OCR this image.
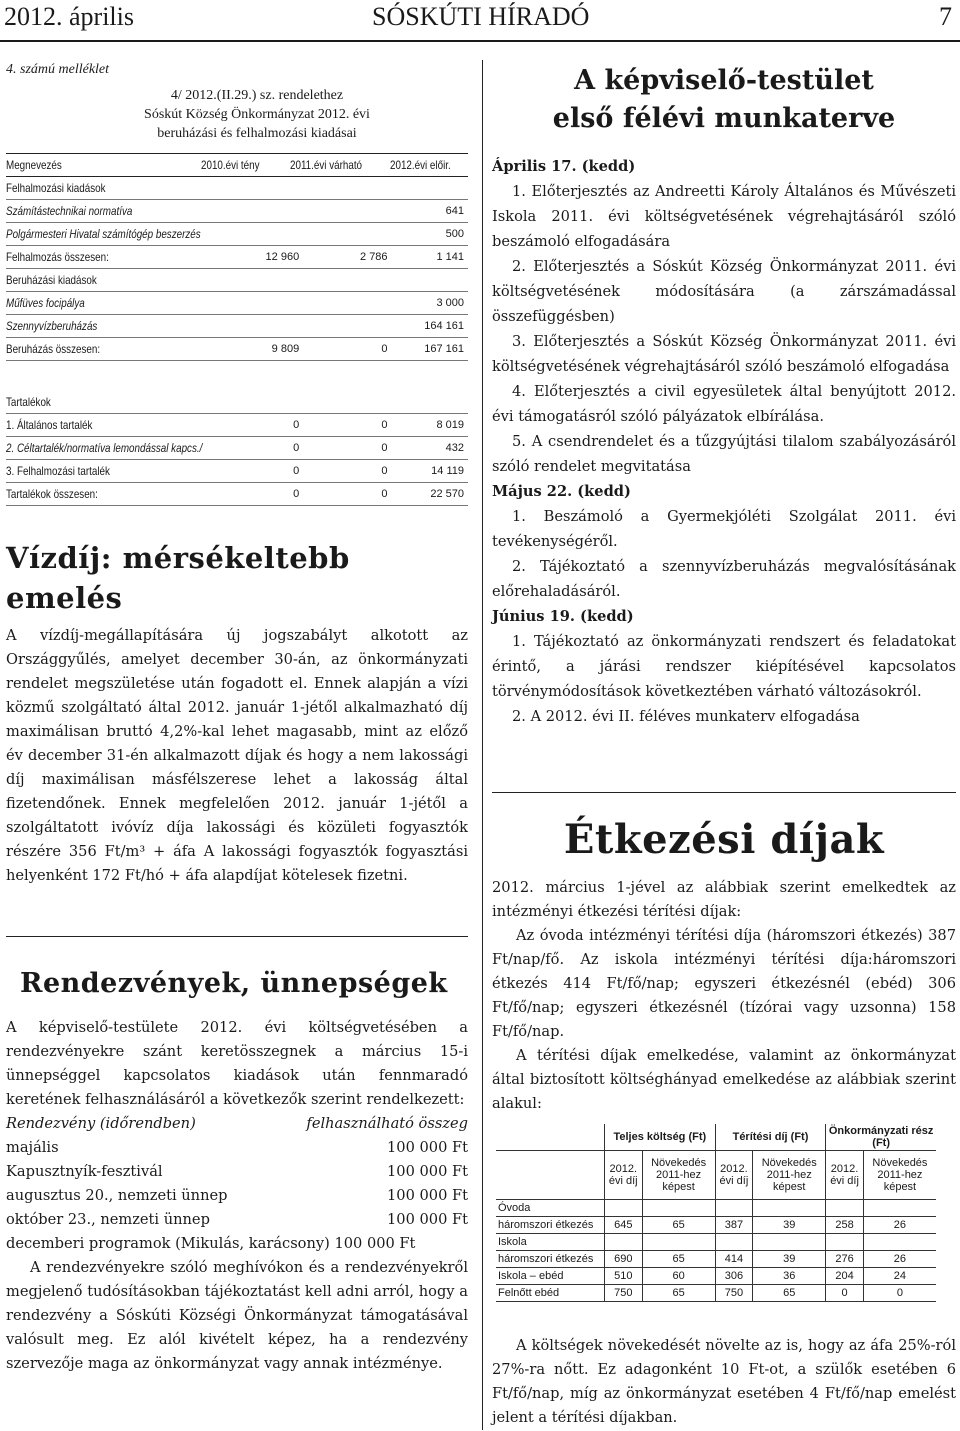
2012. április	SÓSKÚTI HÍRADÓ	7
4. számú melléklet
4/ 2012.(II.29.) sz. rendelethez
Sóskút Község Önkormányzat 2012. évi
beruházási és felhalmozási kiadásai
Megnevezés	2010.évi tény	2011.évi várható	2012.évi előir.
Felhalmozási kiadások			

Számítástechnikai normatíva			641

Polgármesteri Hivatal számítógép beszerzés			500

Felhalmozás összesen:	12 960	2 786	1 141

Beruházási kiadások			

Műfüves focipálya			3 000

Szennyvízberuházás			164 161

Beruházás összesen:	9 809	0	167 161

Tartalékok			

1. Általános tartalék	0	0	8 019

2. Céltartalék/normatíva lemondással kapcs./	0	0	432

3. Felhalmozási tartalék	0	0	14 119

Tartalékok összesen:	0	0	22 570
Vízdíj: mérsékeltebb emelés

A vízdíj-megállapítására új jogszabályt alkotott az Országgyűlés, amelyet december 30-án, az önkormányzati rendelet megszületése után fogadott el. Ennek alapján a vízi közmű szolgáltató által 2012. január 1-jétől alkalmazható díj maximálisan bruttó 4,2%-kal lehet magasabb, mint az előző év december 31-én alkalmazott díjak és hogy a nem lakossági díj maximálisan másfélszerese lehet a lakosság által fizetendőnek. Ennek megfelelően 2012. január 1-jétől a szolgáltatott ivóvíz díja lakossági és közületi fogyasztók részére 356 Ft/m³ + áfa A lakossági fogyasztók fogyasztási helyenként 172 Ft/hó + áfa alapdíjat kötelesek fizetni.

Rendezvények, ünnepségek

A képviselő-testülete 2012. évi költségvetésében a rendezvényekre szánt keretösszegnek a március 15-i ünnepséggel kapcsolatos kiadások után fennmaradó keretének felhasználásáról a következők szerint rendelkezett:

Rendezvény (időrendben)	felhasználható összeg
majális	100 000 Ft
Kapusztnyík-fesztivál	100 000 Ft
augusztus 20., nemzeti ünnep	100 000 Ft
október 23., nemzeti ünnep	100 000 Ft

decemberi programok (Mikulás, karácsony) 100 000 Ft

A rendezvényekre szóló meghívókon és a rendezvényekről megjelenő tudósításokban tájékoztatást kell adni arról, hogy a rendezvény a Sóskúti Községi Önkormányzat támogatásával valósult meg. Ez alól kivételt képez, ha a rendezvény szervezője maga az önkormányzat vagy annak intézménye.

A képviselő-testület
első félévi munkaterve
Április 17. (kedd)
1. Előterjesztés az Andreetti Károly Általános és Művészeti Iskola 2011. évi költségvetésének végrehajtásáról szóló beszámoló elfogadására
2. Előterjesztés a Sóskút Község Önkormányzat 2011. évi költségvetésének módosítására (a zárszámadással összefüggésben)
3. Előterjesztés a Sóskút Község Önkormányzat 2011. évi költségvetésének végrehajtásáról szóló beszámoló elfogadása
4. Előterjesztés a civil egyesületek által benyújtott 2012. évi támogatásról szóló pályázatok elbírálása.
5. A csendrendelet és a tűzgyújtási tilalom szabályozásáról szóló rendelet megvitatása
Május 22. (kedd)
1. Beszámoló a Gyermekjóléti Szolgálat 2011. évi tevékenységéről.
2. Tájékoztató a szennyvízberuházás megvalósításának előrehaladásáról.
Június 19. (kedd)
1. Tájékoztató az önkormányzati rendszert és feladatokat érintő, a járási rendszer kiépítésével kapcsolatos törvénymódosítások következtében várható változásokról.
2. A 2012. évi II. féléves munkaterv elfogadása
Étkezési díjak

2012. március 1-jével az alábbiak szerint emelkedtek az intézményi étkezési térítési díjak:

Az óvoda intézményi térítési díja (háromszori étkezés) 387 Ft/nap/fő. Az iskola intézményi térítési díja:háromszori étkezés 414 Ft/fő/nap; egyszeri étkezésnél (ebéd) 306 Ft/fő/nap; egyszeri étkezésnél (tízórai vagy uzsonna) 158 Ft/fő/nap.

A térítési díjak emelkedése, valamint az önkormányzat által biztosított költséghányad emelkedése az alábbiak szerint alakul:

	Teljes költség (Ft)		Térítési díj (Ft)		Önkormányzati rész (Ft)	
	2012. évi díj	Növekedés 2011-hez képest	2012. évi díj	Növekedés 2011-hez képest	2012. évi díj	Növekedés 2011-hez képest
Óvoda						
háromszori étkezés	645	65	387	39	258	26
Iskola						
háromszori étkezés	690	65	414	39	276	26
Iskola – ebéd	510	60	306	36	204	24
Felnőtt ebéd	750	65	750	65	0	0

A költségek növekedését növelte az is, hogy az áfa 25%-ról 27%-ra nőtt. Ez adagonként 10 Ft-ot, a szülők esetében 6 Ft/fő/nap, míg az önkormányzat esetében 4 Ft/fő/nap emelést jelent a térítési díjakban.
